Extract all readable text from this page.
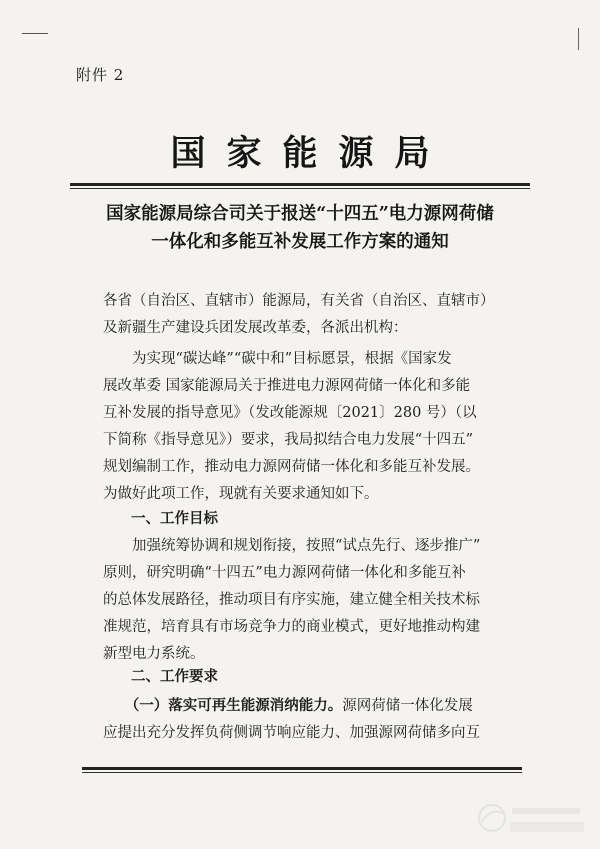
附件 2
国家能源局
国家能源局综合司关于报送“十四五”电力源网荷储
一体化和多能互补发展工作方案的通知
各省（自治区、直辖市）能源局，有关省（自治区、直辖市）
及新疆生产建设兵团发展改革委，各派出机构：
　　为实现“碳达峰”“碳中和”目标愿景，根据《国家发
展改革委 国家能源局关于推进电力源网荷储一体化和多能
互补发展的指导意见》（发改能源规〔2021〕280 号）（以
下简称《指导意见》）要求，我局拟结合电力发展“十四五”
规划编制工作，推动电力源网荷储一体化和多能互补发展。
为做好此项工作，现就有关要求通知如下。
一、工作目标
　　加强统筹协调和规划衔接，按照“试点先行、逐步推广”
原则，研究明确“十四五”电力源网荷储一体化和多能互补
的总体发展路径，推动项目有序实施，建立健全相关技术标
准规范，培育具有市场竞争力的商业模式，更好地推动构建
新型电力系统。
二、工作要求
　　（一）落实可再生能源消纳能力。源网荷储一体化发展
应提出充分发挥负荷侧调节响应能力、加强源网荷储多向互
